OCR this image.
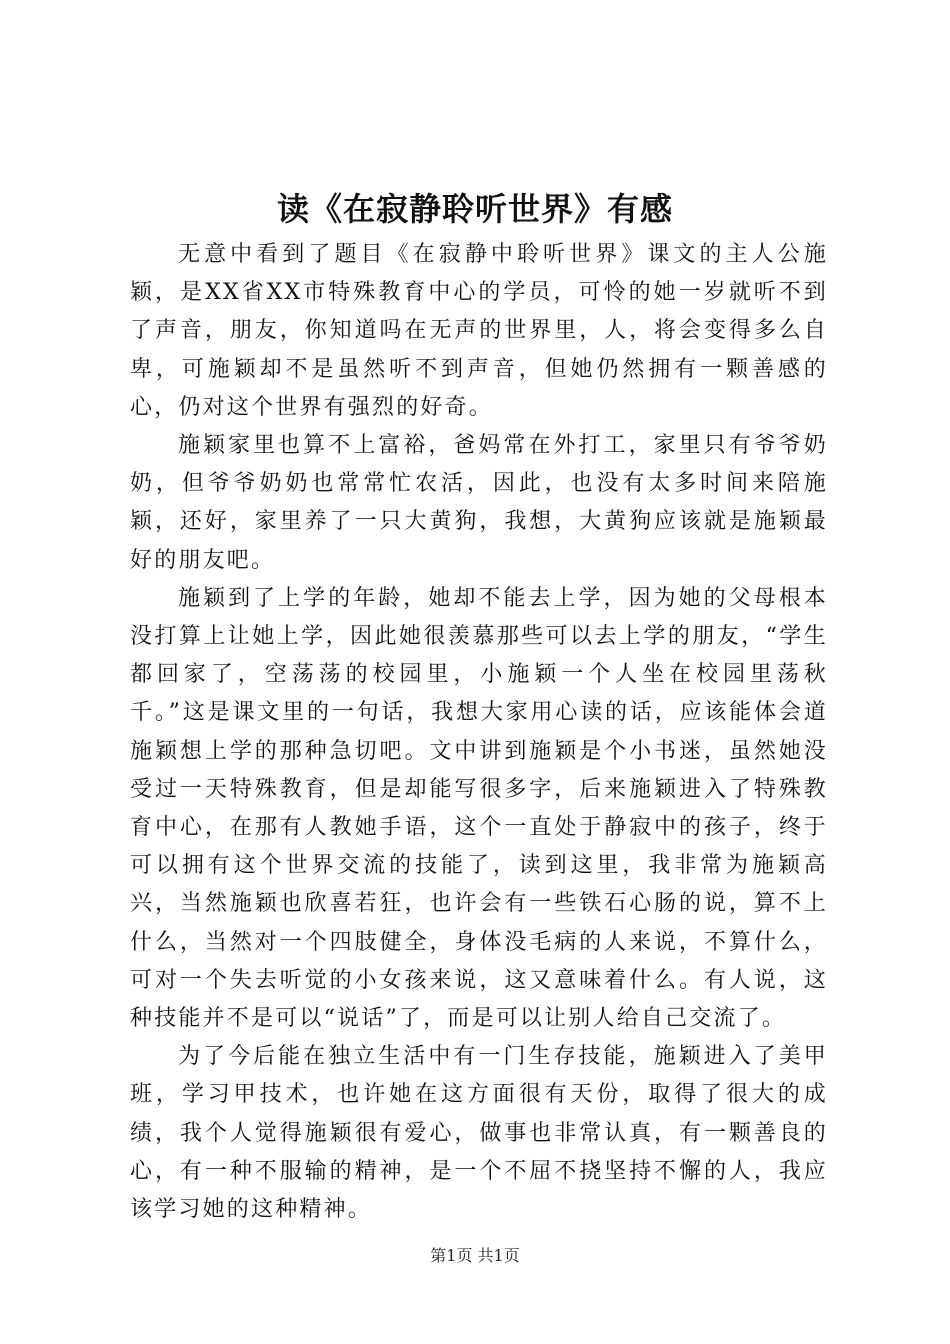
读《在寂静聆听世界》有感

无意中看到了题目《在寂静中聆听世界》课文的主人公施颖，是XX省XX市特殊教育中心的学员，可怜的她一岁就听不到了声音，朋友，你知道吗在无声的世界里，人，将会变得多么自卑，可施颖却不是虽然听不到声音，但她仍然拥有一颗善感的心，仍对这个世界有强烈的好奇。

施颖家里也算不上富裕，爸妈常在外打工，家里只有爷爷奶奶，但爷爷奶奶也常常忙农活，因此，也没有太多时间来陪施颖，还好，家里养了一只大黄狗，我想，大黄狗应该就是施颖最好的朋友吧。

施颖到了上学的年龄，她却不能去上学，因为她的父母根本没打算上让她上学，因此她很羡慕那些可以去上学的朋友，“学生都回家了，空荡荡的校园里，小施颖一个人坐在校园里荡秋千。”这是课文里的一句话，我想大家用心读的话，应该能体会道施颖想上学的那种急切吧。文中讲到施颖是个小书迷，虽然她没受过一天特殊教育，但是却能写很多字，后来施颖进入了特殊教育中心，在那有人教她手语，这个一直处于静寂中的孩子，终于可以拥有这个世界交流的技能了，读到这里，我非常为施颖高兴，当然施颖也欣喜若狂，也许会有一些铁石心肠的说，算不上什么，当然对一个四肢健全，身体没毛病的人来说，不算什么，可对一个失去听觉的小女孩来说，这又意味着什么。有人说，这种技能并不是可以“说话”了，而是可以让别人给自己交流了。

为了今后能在独立生活中有一门生存技能，施颖进入了美甲班，学习甲技术，也许她在这方面很有天份，取得了很大的成绩，我个人觉得施颖很有爱心，做事也非常认真，有一颗善良的心，有一种不服输的精神，是一个不屈不挠坚持不懈的人，我应该学习她的这种精神。

第1页 共1页
